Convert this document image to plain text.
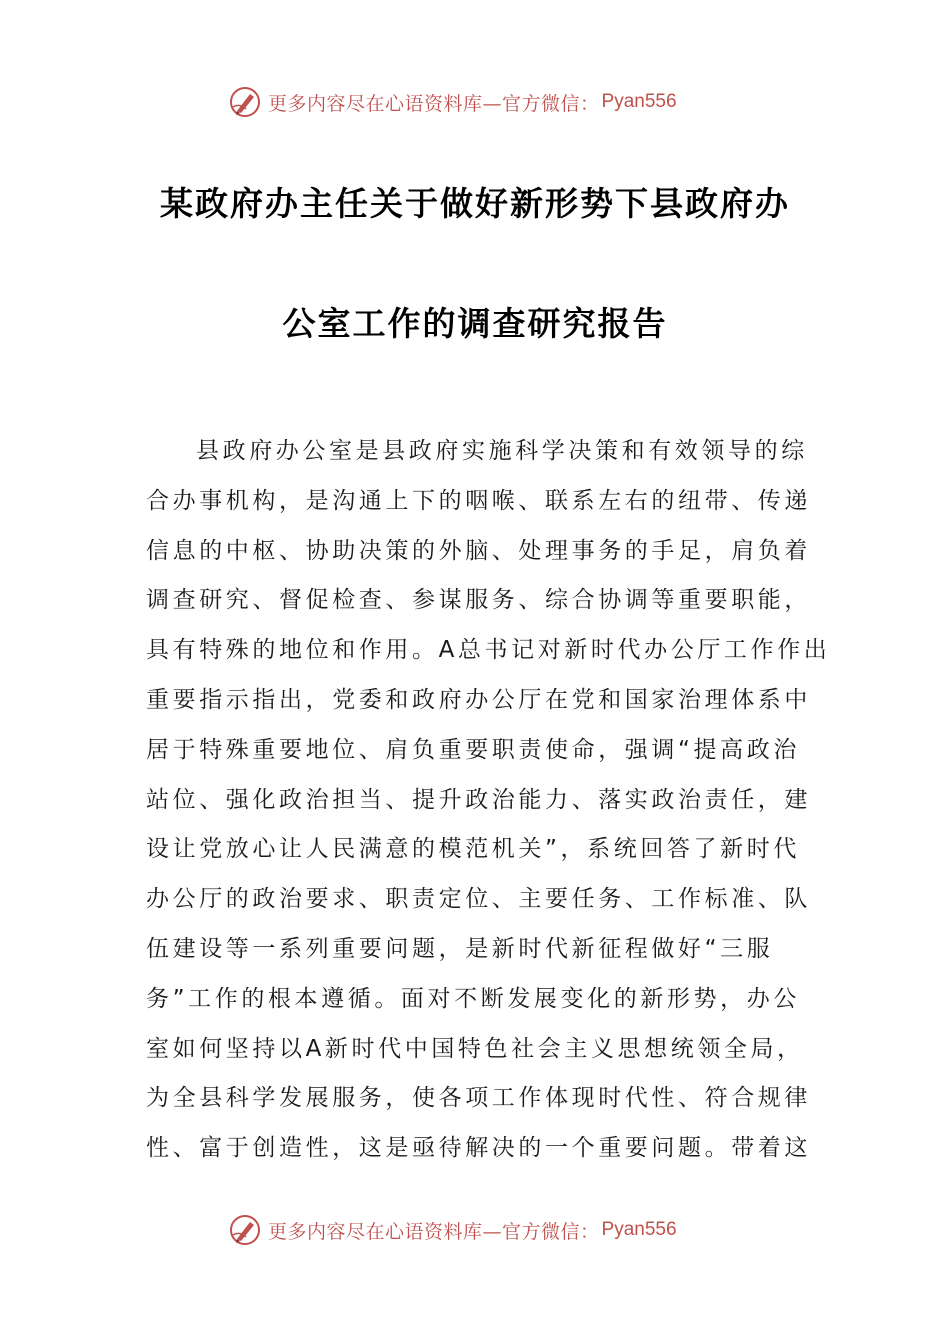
更多内容尽在心语资料库—官方微信： Pyan556
某政府办主任关于做好新形势下县政府办
公室工作的调查研究报告
县政府办公室是县政府实施科学决策和有效领导的综
合办事机构，是沟通上下的咽喉、联系左右的纽带、传递
信息的中枢、协助决策的外脑、处理事务的手足，肩负着
调查研究、督促检查、参谋服务、综合协调等重要职能，
具有特殊的地位和作用。A总书记对新时代办公厅工作作出
重要指示指出，党委和政府办公厅在党和国家治理体系中
居于特殊重要地位、肩负重要职责使命，强调“提高政治
站位、强化政治担当、提升政治能力、落实政治责任，建
设让党放心让人民满意的模范机关”，系统回答了新时代
办公厅的政治要求、职责定位、主要任务、工作标准、队
伍建设等一系列重要问题，是新时代新征程做好“三服
务”工作的根本遵循。面对不断发展变化的新形势，办公
室如何坚持以A新时代中国特色社会主义思想统领全局，
为全县科学发展服务，使各项工作体现时代性、符合规律
性、富于创造性，这是亟待解决的一个重要问题。带着这
更多内容尽在心语资料库—官方微信： Pyan556
